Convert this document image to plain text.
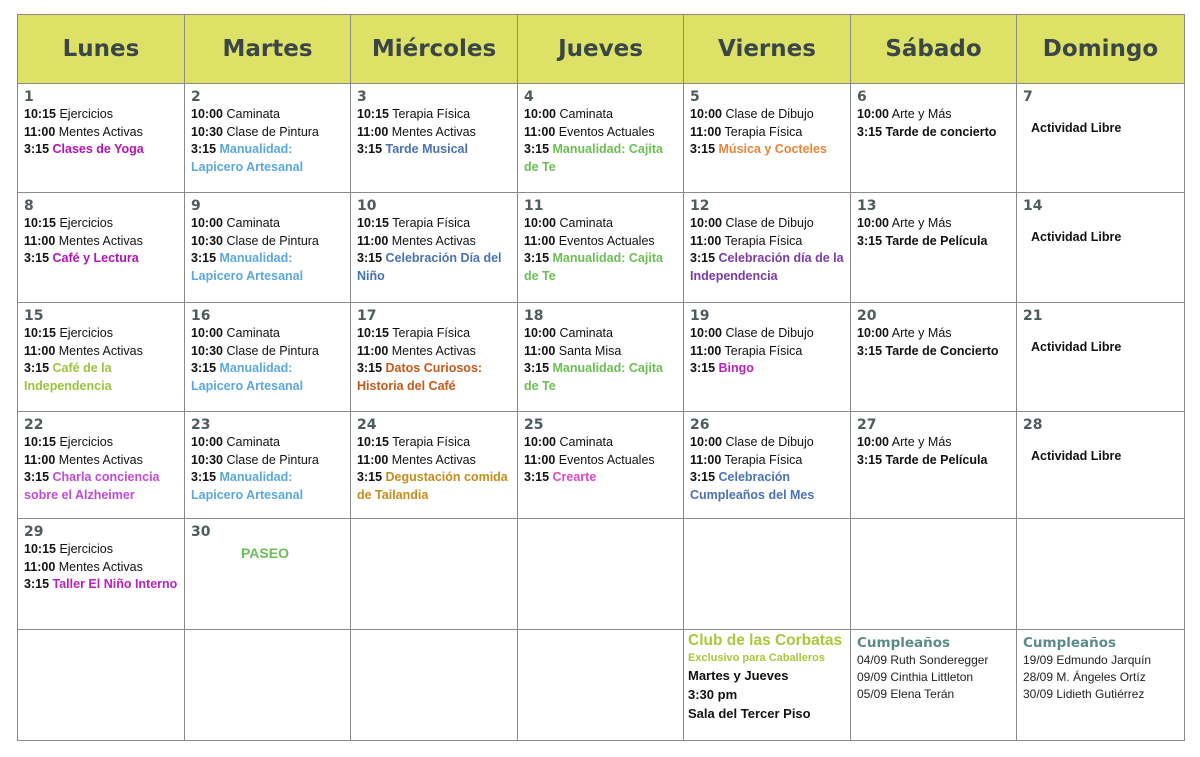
Lunes	Martes	Miércoles	Jueves	Viernes	Sábado	Domingo

1
10:15 Ejercicios
11:00 Mentes Activas
3:15 Clases de Yoga	2
10:00 Caminata
10:30 Clase de Pintura
3:15 Manualidad: Lapicero Artesanal	3
10:15 Terapia Física
11:00 Mentes Activas
3:15 Tarde Musical	4
10:00 Caminata
11:00 Eventos Actuales
3:15 Manualidad: Cajita de Te	5
10:00 Clase de Dibujo
11:00 Terapia Física
3:15 Música y Cocteles	6
10:00 Arte y Más
3:15 Tarde de concierto	7
Actividad Libre

8
10:15 Ejercicios
11:00 Mentes Activas
3:15 Café y Lectura	9
10:00 Caminata
10:30 Clase de Pintura
3:15 Manualidad: Lapicero Artesanal	10
10:15 Terapia Física
11:00 Mentes Activas
3:15 Celebración Día del Niño	11
10:00 Caminata
11:00 Eventos Actuales
3:15 Manualidad: Cajita de Te	12
10:00 Clase de Dibujo
11:00 Terapia Física
3:15 Celebración día de la Independencia	13
10:00 Arte y Más
3:15 Tarde de Película	14
Actividad Libre

15
10:15 Ejercicios
11:00 Mentes Activas
3:15 Café de la Independencia	16
10:00 Caminata
10:30 Clase de Pintura
3:15 Manualidad: Lapicero Artesanal	17
10:15 Terapia Física
11:00 Mentes Activas
3:15 Datos Curiosos: Historia del Café	18
10:00 Caminata
11:00 Santa Misa
3:15 Manualidad: Cajita de Te	19
10:00 Clase de Dibujo
11:00 Terapia Física
3:15 Bingo	20
10:00 Arte y Más
3:15 Tarde de Concierto	21
Actividad Libre

22
10:15 Ejercicios
11:00 Mentes Activas
3:15 Charla conciencia sobre el Alzheimer	23
10:00 Caminata
10:30 Clase de Pintura
3:15 Manualidad: Lapicero Artesanal	24
10:15 Terapia Física
11:00 Mentes Activas
3:15 Degustación comida de Tailandia	25
10:00 Caminata
11:00 Eventos Actuales
3:15 Crearte	26
10:00 Clase de Dibujo
11:00 Terapia Física
3:15 Celebración Cumpleaños del Mes	27
10:00 Arte y Más
3:15 Tarde de Película	28
Actividad Libre

29
10:15 Ejercicios
11:00 Mentes Activas
3:15 Taller El Niño Interno	30
PASEO					

				Club de las Corbatas
Exclusivo para Caballeros
Martes y Jueves
3:30 pm
Sala del Tercer Piso	Cumpleaños
04/09 Ruth Sonderegger
09/09 Cinthia Littleton
05/09 Elena Terán	Cumpleaños
19/09 Edmundo Jarquín
28/09 M. Ángeles Ortíz
30/09 Lidieth Gutiérrez
